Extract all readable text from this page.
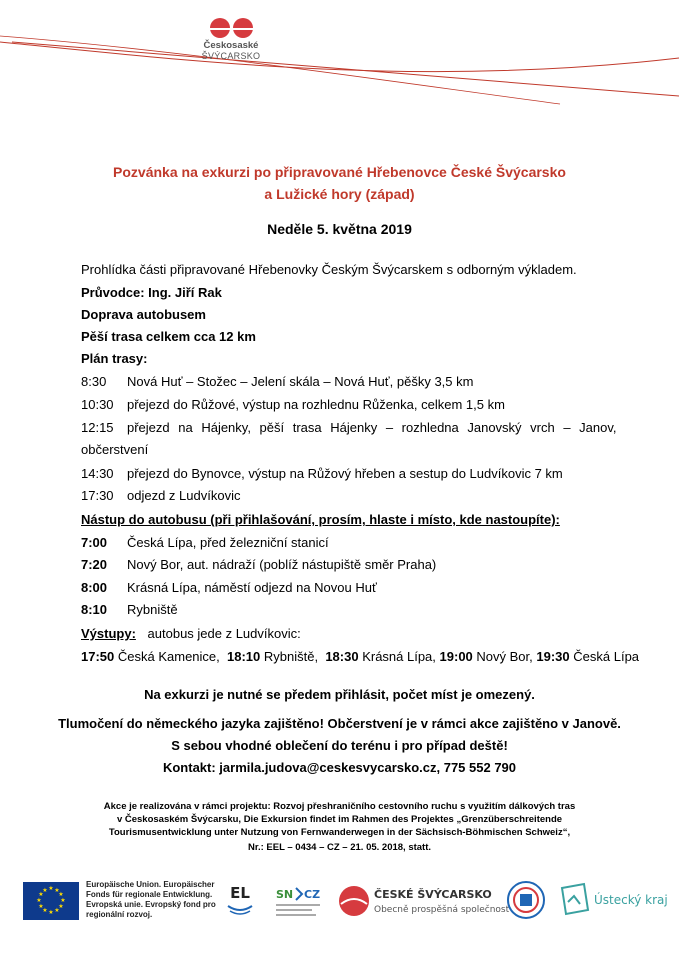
Českosaské
ŠVÝCARSKO
Pozvánka na exkurzi po připravované Hřebenovce České Švýcarsko
a Lužické hory (západ)
Neděle 5. května 2019
Prohlídka části připravované Hřebenovky Českým Švýcarskem s odborným výkladem.
Průvodce: Ing. Jiří Rak
Doprava autobusem
Pěší trasa celkem cca 12 km
Plán trasy:
8:30 Nová Huť – Stožec – Jelení skála – Nová Huť, pěšky 3,5 km
10:30 přejezd do Růžové, výstup na rozhlednu Růženka, celkem 1,5 km
12:15 přejezd na Hájenky, pěší trasa Hájenky – rozhledna Janovský vrch – Janov,
občerstvení
14:30 přejezd do Bynovce, výstup na Růžový hřeben a sestup do Ludvíkovic 7 km
17:30 odjezd z Ludvíkovic
Nástup do autobusu (při přihlašování, prosím, hlaste i místo, kde nastoupíte):
7:00 Česká Lípa, před železniční stanicí
7:20 Nový Bor, aut. nádraží (poblíž nástupiště směr Praha)
8:00 Krásná Lípa, náměstí odjezd na Novou Huť
8:10 Rybniště
Výstupy: autobus jede z Ludvíkovic:
17:50 Česká Kamenice, 18:10 Rybniště, 18:30 Krásná Lípa, 19:00 Nový Bor, 19:30 Česká Lípa
Na exkurzi je nutné se předem přihlásit, počet míst je omezený.
Tlumočení do německého jazyka zajištěno! Občerstvení je v rámci akce zajištěno v Janově.
S sebou vhodné oblečení do terénu i pro případ deště!
Kontakt: jarmila.judova@ceskesvycarsko.cz, 775 552 790
Akce je realizována v rámci projektu: Rozvoj přeshraničního cestovního ruchu s využitím dálkových tras
v Českosaském Švýcarsku, Die Exkursion findet im Rahmen des Projektes „Grenzüberschreitende
Tourismusentwicklung unter Nutzung von Fernwanderwegen in der Sächsisch-Böhmischen Schweiz“,
Nr.: EEL – 0434 – CZ – 21. 05. 2018, statt.
★ ★
★
★
★
★
★
★
★
★
★
★
Europäische Union. Europäischer
Fonds für regionale Entwicklung.
Evropská unie. Evropský fond pro
regionální rozvoj.
EL SN CZ	ČESKÉ ŠVÝCARSKO
Obecně prospěšná společnost
Ústecký kraj
